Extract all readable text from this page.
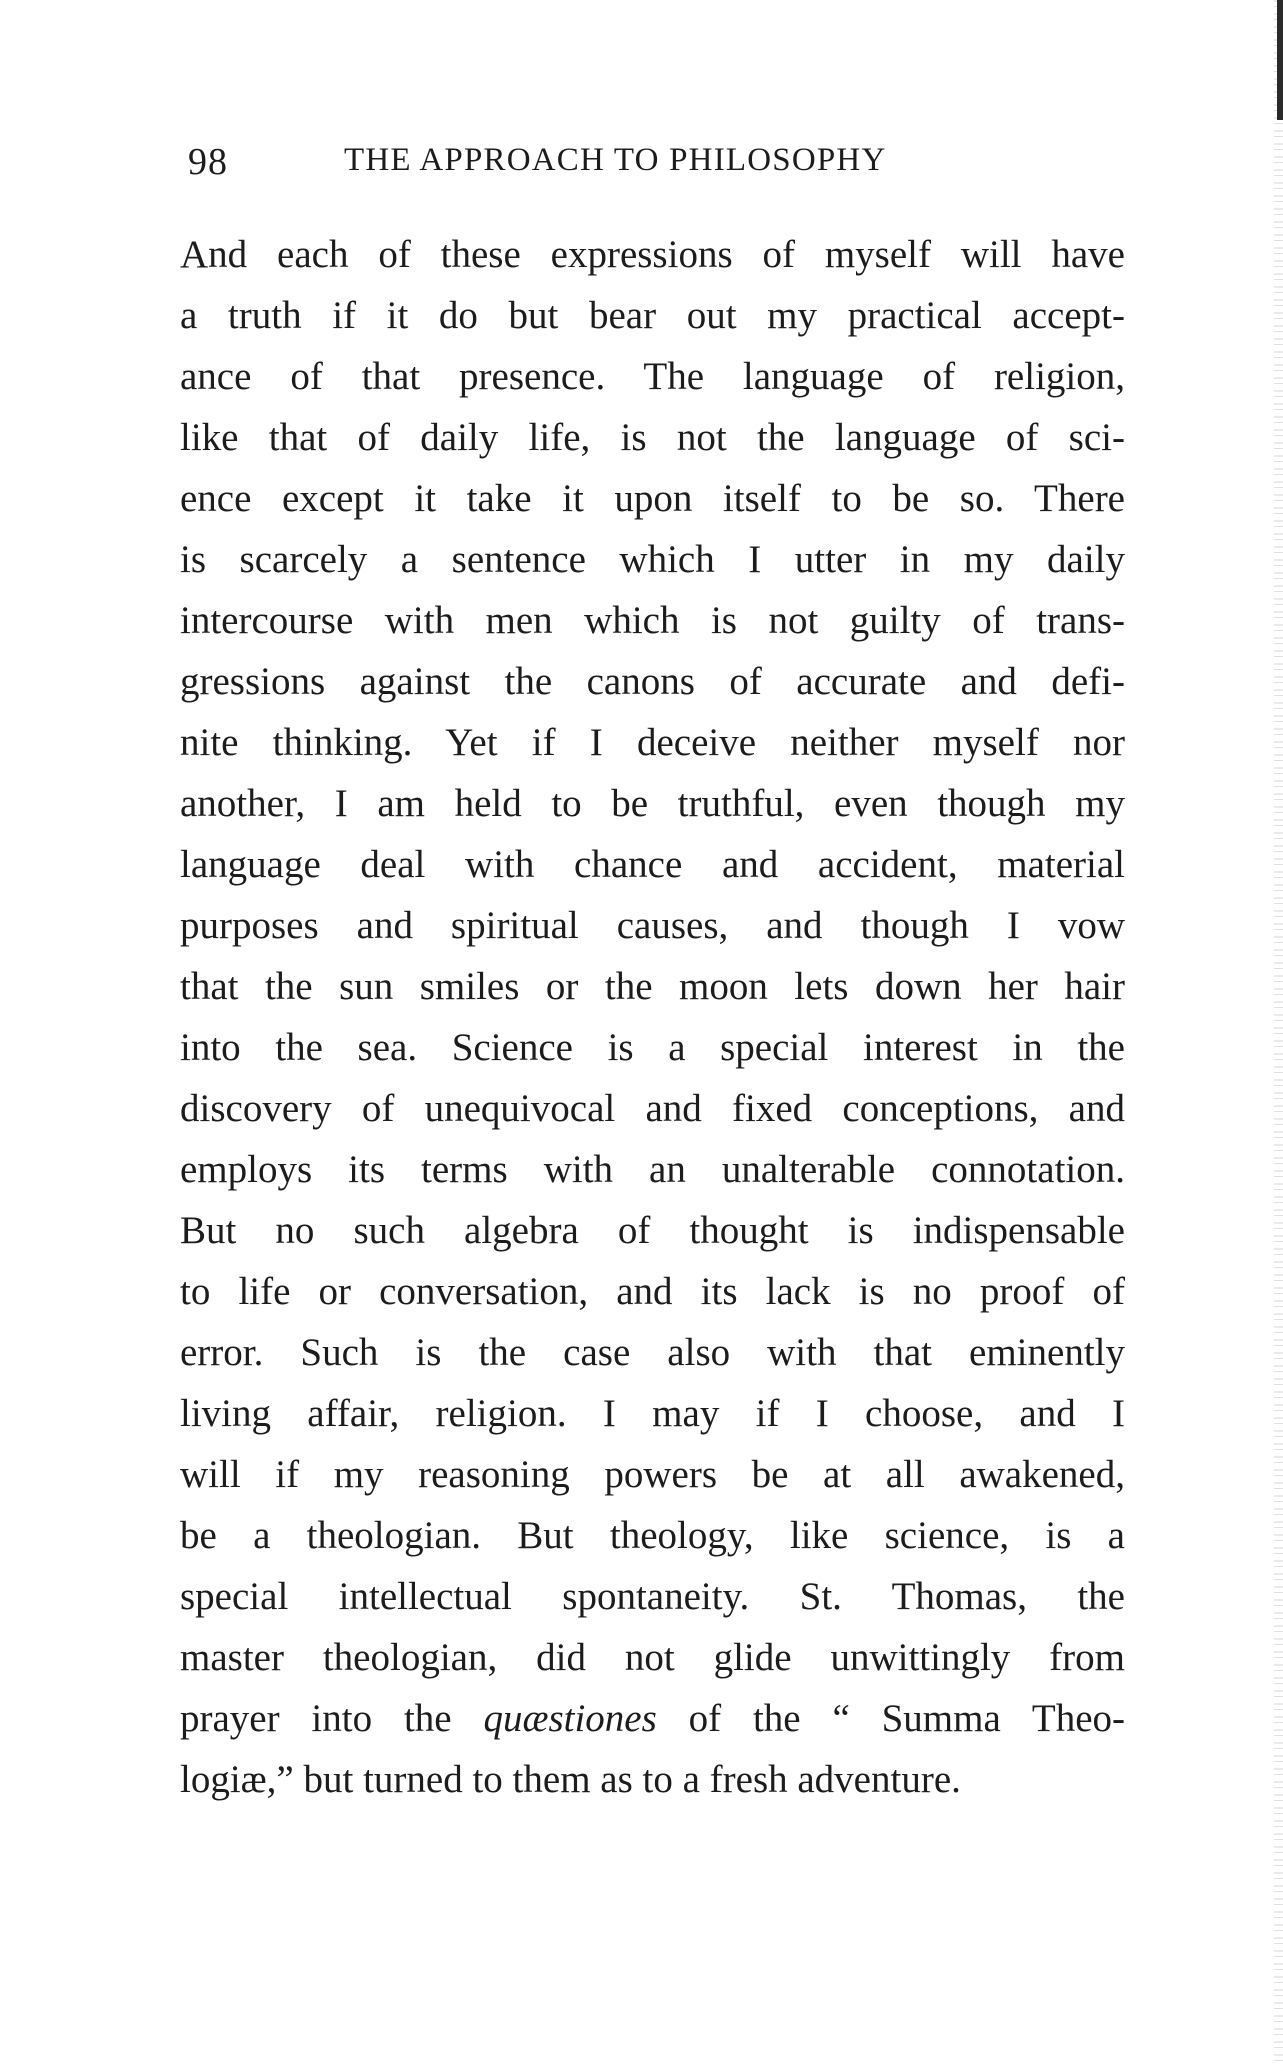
98	THE APPROACH TO PHILOSOPHY
And each of these expressions of myself will have
a truth if it do but bear out my practical accept-
ance of that presence. The language of religion,
like that of daily life, is not the language of sci-
ence except it take it upon itself to be so. There
is scarcely a sentence which I utter in my daily
intercourse with men which is not guilty of trans-
gressions against the canons of accurate and defi-
nite thinking. Yet if I deceive neither myself nor
another, I am held to be truthful, even though my
language deal with chance and accident, material
purposes and spiritual causes, and though I vow
that the sun smiles or the moon lets down her hair
into the sea. Science is a special interest in the
discovery of unequivocal and fixed conceptions, and
employs its terms with an unalterable connotation.
But no such algebra of thought is indispensable
to life or conversation, and its lack is no proof of
error. Such is the case also with that eminently
living affair, religion. I may if I choose, and I
will if my reasoning powers be at all awakened,
be a theologian. But theology, like science, is a
special intellectual spontaneity. St. Thomas, the
master theologian, did not glide unwittingly from
prayer into the quæstiones of the “ Summa Theo-
logiæ,” but turned to them as to a fresh adventure.
